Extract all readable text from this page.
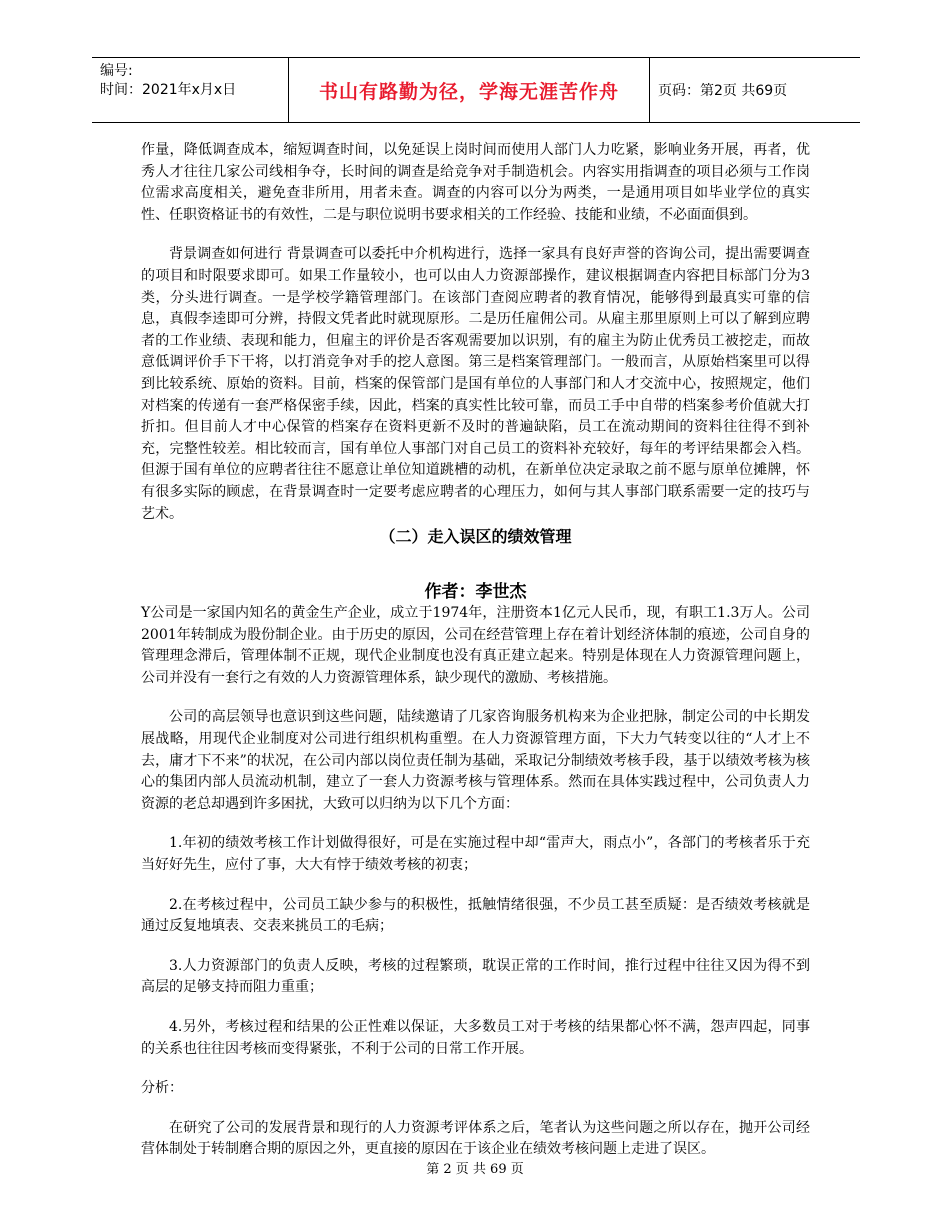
编号:
时间：2021年x月x日	书山有路勤为径，学海无涯苦作舟	页码：第2页 共69页

作量，降低调查成本，缩短调查时间，以免延误上岗时间而使用人部门人力吃紧，影响业务开展，再者，优秀人才往往几家公司线相争夺，长时间的调查是给竞争对手制造机会。内容实用指调查的项目必须与工作岗位需求高度相关，避免查非所用，用者未查。调查的内容可以分为两类，一是通用项目如毕业学位的真实性、任职资格证书的有效性，二是与职位说明书要求相关的工作经验、技能和业绩，不必面面俱到。

背景调查如何进行 背景调查可以委托中介机构进行，选择一家具有良好声誉的咨询公司，提出需要调查的项目和时限要求即可。如果工作量较小，也可以由人力资源部操作，建议根据调查内容把目标部门分为3类，分头进行调查。一是学校学籍管理部门。在该部门查阅应聘者的教育情况，能够得到最真实可靠的信息，真假李逵即可分辨，持假文凭者此时就现原形。二是历任雇佣公司。从雇主那里原则上可以了解到应聘者的工作业绩、表现和能力，但雇主的评价是否客观需要加以识别，有的雇主为防止优秀员工被挖走，而故意低调评价手下干将，以打消竞争对手的挖人意图。第三是档案管理部门。一般而言，从原始档案里可以得到比较系统、原始的资料。目前，档案的保管部门是国有单位的人事部门和人才交流中心，按照规定，他们对档案的传递有一套严格保密手续，因此，档案的真实性比较可靠，而员工手中自带的档案参考价值就大打折扣。但目前人才中心保管的档案存在资料更新不及时的普遍缺陷，员工在流动期间的资料往往得不到补充，完整性较差。相比较而言，国有单位人事部门对自己员工的资料补充较好，每年的考评结果都会入档。但源于国有单位的应聘者往往不愿意让单位知道跳槽的动机，在新单位决定录取之前不愿与原单位摊牌，怀有很多实际的顾虑，在背景调查时一定要考虑应聘者的心理压力，如何与其人事部门联系需要一定的技巧与艺术。

（二）走入误区的绩效管理

作者：李世杰

Y公司是一家国内知名的黄金生产企业，成立于1974年，注册资本1亿元人民币，现，有职工1.3万人。公司2001年转制成为股份制企业。由于历史的原因，公司在经营管理上存在着计划经济体制的痕迹，公司自身的管理理念滞后，管理体制不正规，现代企业制度也没有真正建立起来。特别是体现在人力资源管理问题上，公司并没有一套行之有效的人力资源管理体系，缺少现代的激励、考核措施。

公司的高层领导也意识到这些问题，陆续邀请了几家咨询服务机构来为企业把脉，制定公司的中长期发展战略，用现代企业制度对公司进行组织机构重塑。在人力资源管理方面，下大力气转变以往的“人才上不去，庸才下不来”的状况，在公司内部以岗位责任制为基础，采取记分制绩效考核手段，基于以绩效考核为核心的集团内部人员流动机制，建立了一套人力资源考核与管理体系。然而在具体实践过程中，公司负责人力资源的老总却遇到许多困扰，大致可以归纳为以下几个方面：

1.年初的绩效考核工作计划做得很好，可是在实施过程中却“雷声大，雨点小”，各部门的考核者乐于充当好好先生，应付了事，大大有悖于绩效考核的初衷；

2.在考核过程中，公司员工缺少参与的积极性，抵触情绪很强，不少员工甚至质疑：是否绩效考核就是通过反复地填表、交表来挑员工的毛病；

3.人力资源部门的负责人反映，考核的过程繁琐，耽误正常的工作时间，推行过程中往往又因为得不到高层的足够支持而阻力重重；

4.另外，考核过程和结果的公正性难以保证，大多数员工对于考核的结果都心怀不满，怨声四起，同事的关系也往往因考核而变得紧张，不利于公司的日常工作开展。

分析：

在研究了公司的发展背景和现行的人力资源考评体系之后，笔者认为这些问题之所以存在，抛开公司经营体制处于转制磨合期的原因之外，更直接的原因在于该企业在绩效考核问题上走进了误区。

第 2 页 共 69 页
